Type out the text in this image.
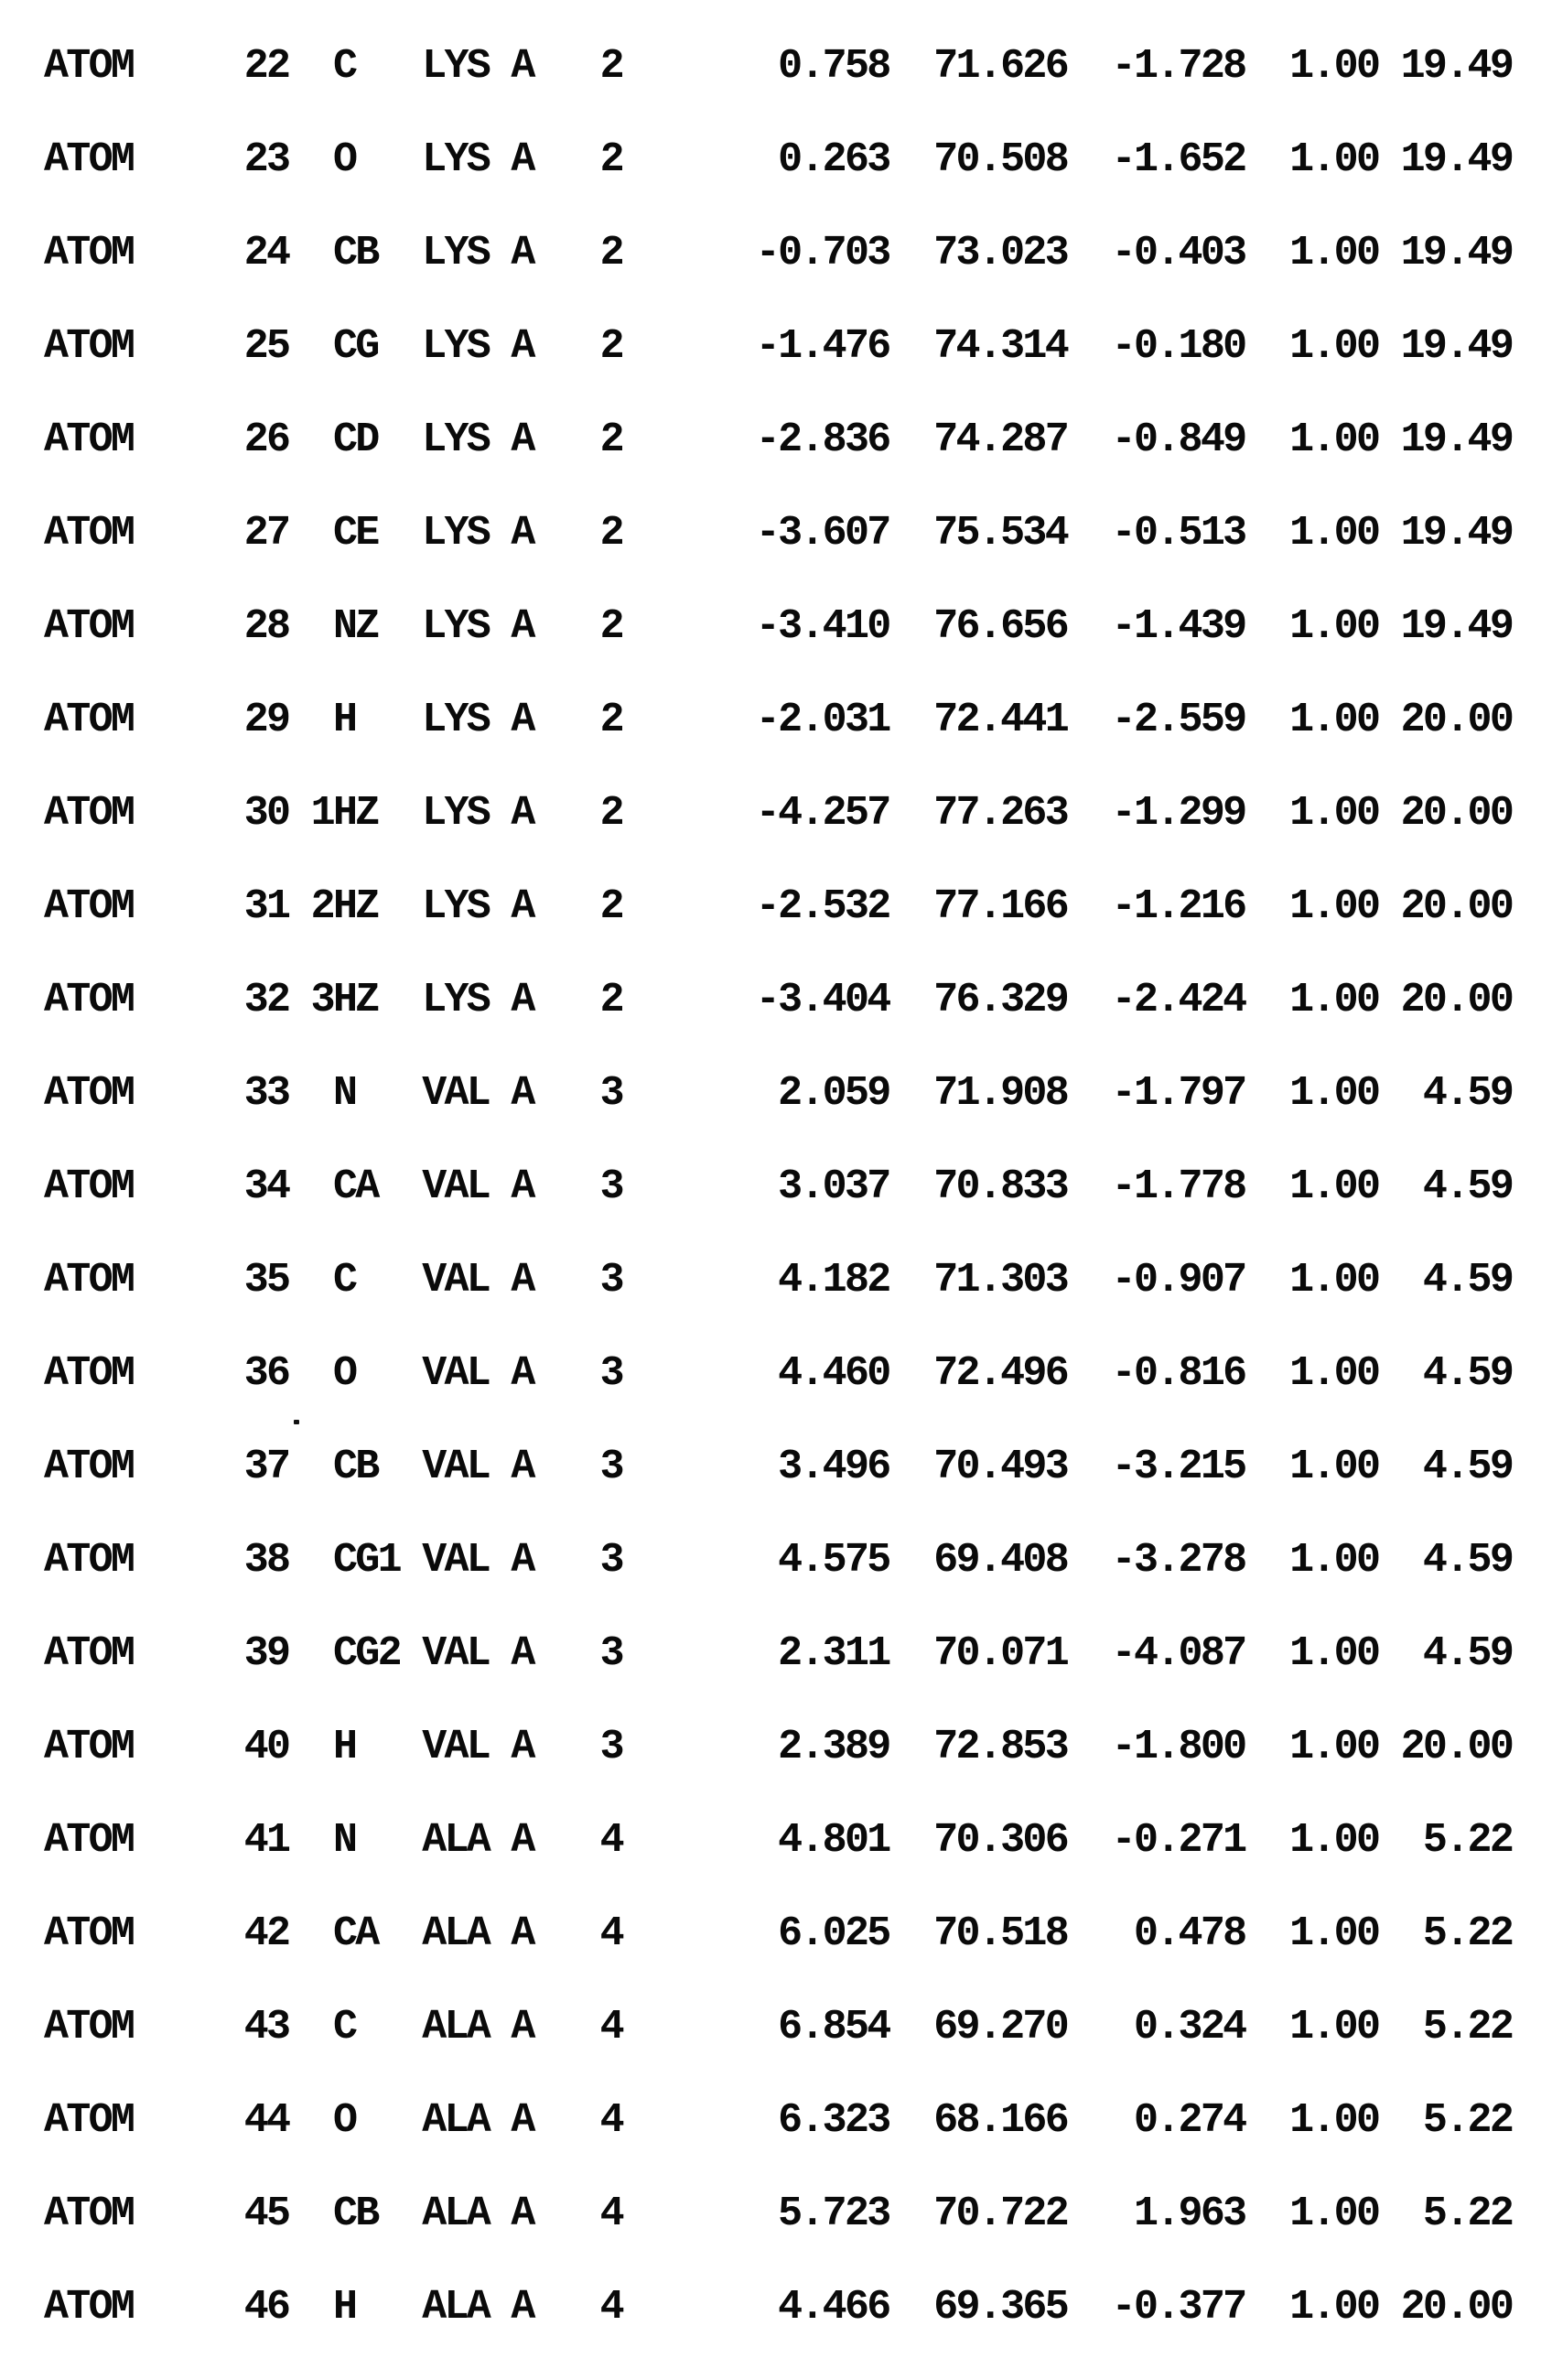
ATOM     22  C   LYS A   2       0.758  71.626  -1.728  1.00 19.49
ATOM     23  O   LYS A   2       0.263  70.508  -1.652  1.00 19.49
ATOM     24  CB  LYS A   2      -0.703  73.023  -0.403  1.00 19.49
ATOM     25  CG  LYS A   2      -1.476  74.314  -0.180  1.00 19.49
ATOM     26  CD  LYS A   2      -2.836  74.287  -0.849  1.00 19.49
ATOM     27  CE  LYS A   2      -3.607  75.534  -0.513  1.00 19.49
ATOM     28  NZ  LYS A   2      -3.410  76.656  -1.439  1.00 19.49
ATOM     29  H   LYS A   2      -2.031  72.441  -2.559  1.00 20.00
ATOM     30 1HZ  LYS A   2      -4.257  77.263  -1.299  1.00 20.00
ATOM     31 2HZ  LYS A   2      -2.532  77.166  -1.216  1.00 20.00
ATOM     32 3HZ  LYS A   2      -3.404  76.329  -2.424  1.00 20.00
ATOM     33  N   VAL A   3       2.059  71.908  -1.797  1.00  4.59
ATOM     34  CA  VAL A   3       3.037  70.833  -1.778  1.00  4.59
ATOM     35  C   VAL A   3       4.182  71.303  -0.907  1.00  4.59
ATOM     36  O   VAL A   3       4.460  72.496  -0.816  1.00  4.59
ATOM     37  CB  VAL A   3       3.496  70.493  -3.215  1.00  4.59
ATOM     38  CG1 VAL A   3       4.575  69.408  -3.278  1.00  4.59
ATOM     39  CG2 VAL A   3       2.311  70.071  -4.087  1.00  4.59
ATOM     40  H   VAL A   3       2.389  72.853  -1.800  1.00 20.00
ATOM     41  N   ALA A   4       4.801  70.306  -0.271  1.00  5.22
ATOM     42  CA  ALA A   4       6.025  70.518   0.478  1.00  5.22
ATOM     43  C   ALA A   4       6.854  69.270   0.324  1.00  5.22
ATOM     44  O   ALA A   4       6.323  68.166   0.274  1.00  5.22
ATOM     45  CB  ALA A   4       5.723  70.722   1.963  1.00  5.22
ATOM     46  H   ALA A   4       4.466  69.365  -0.377  1.00 20.00
